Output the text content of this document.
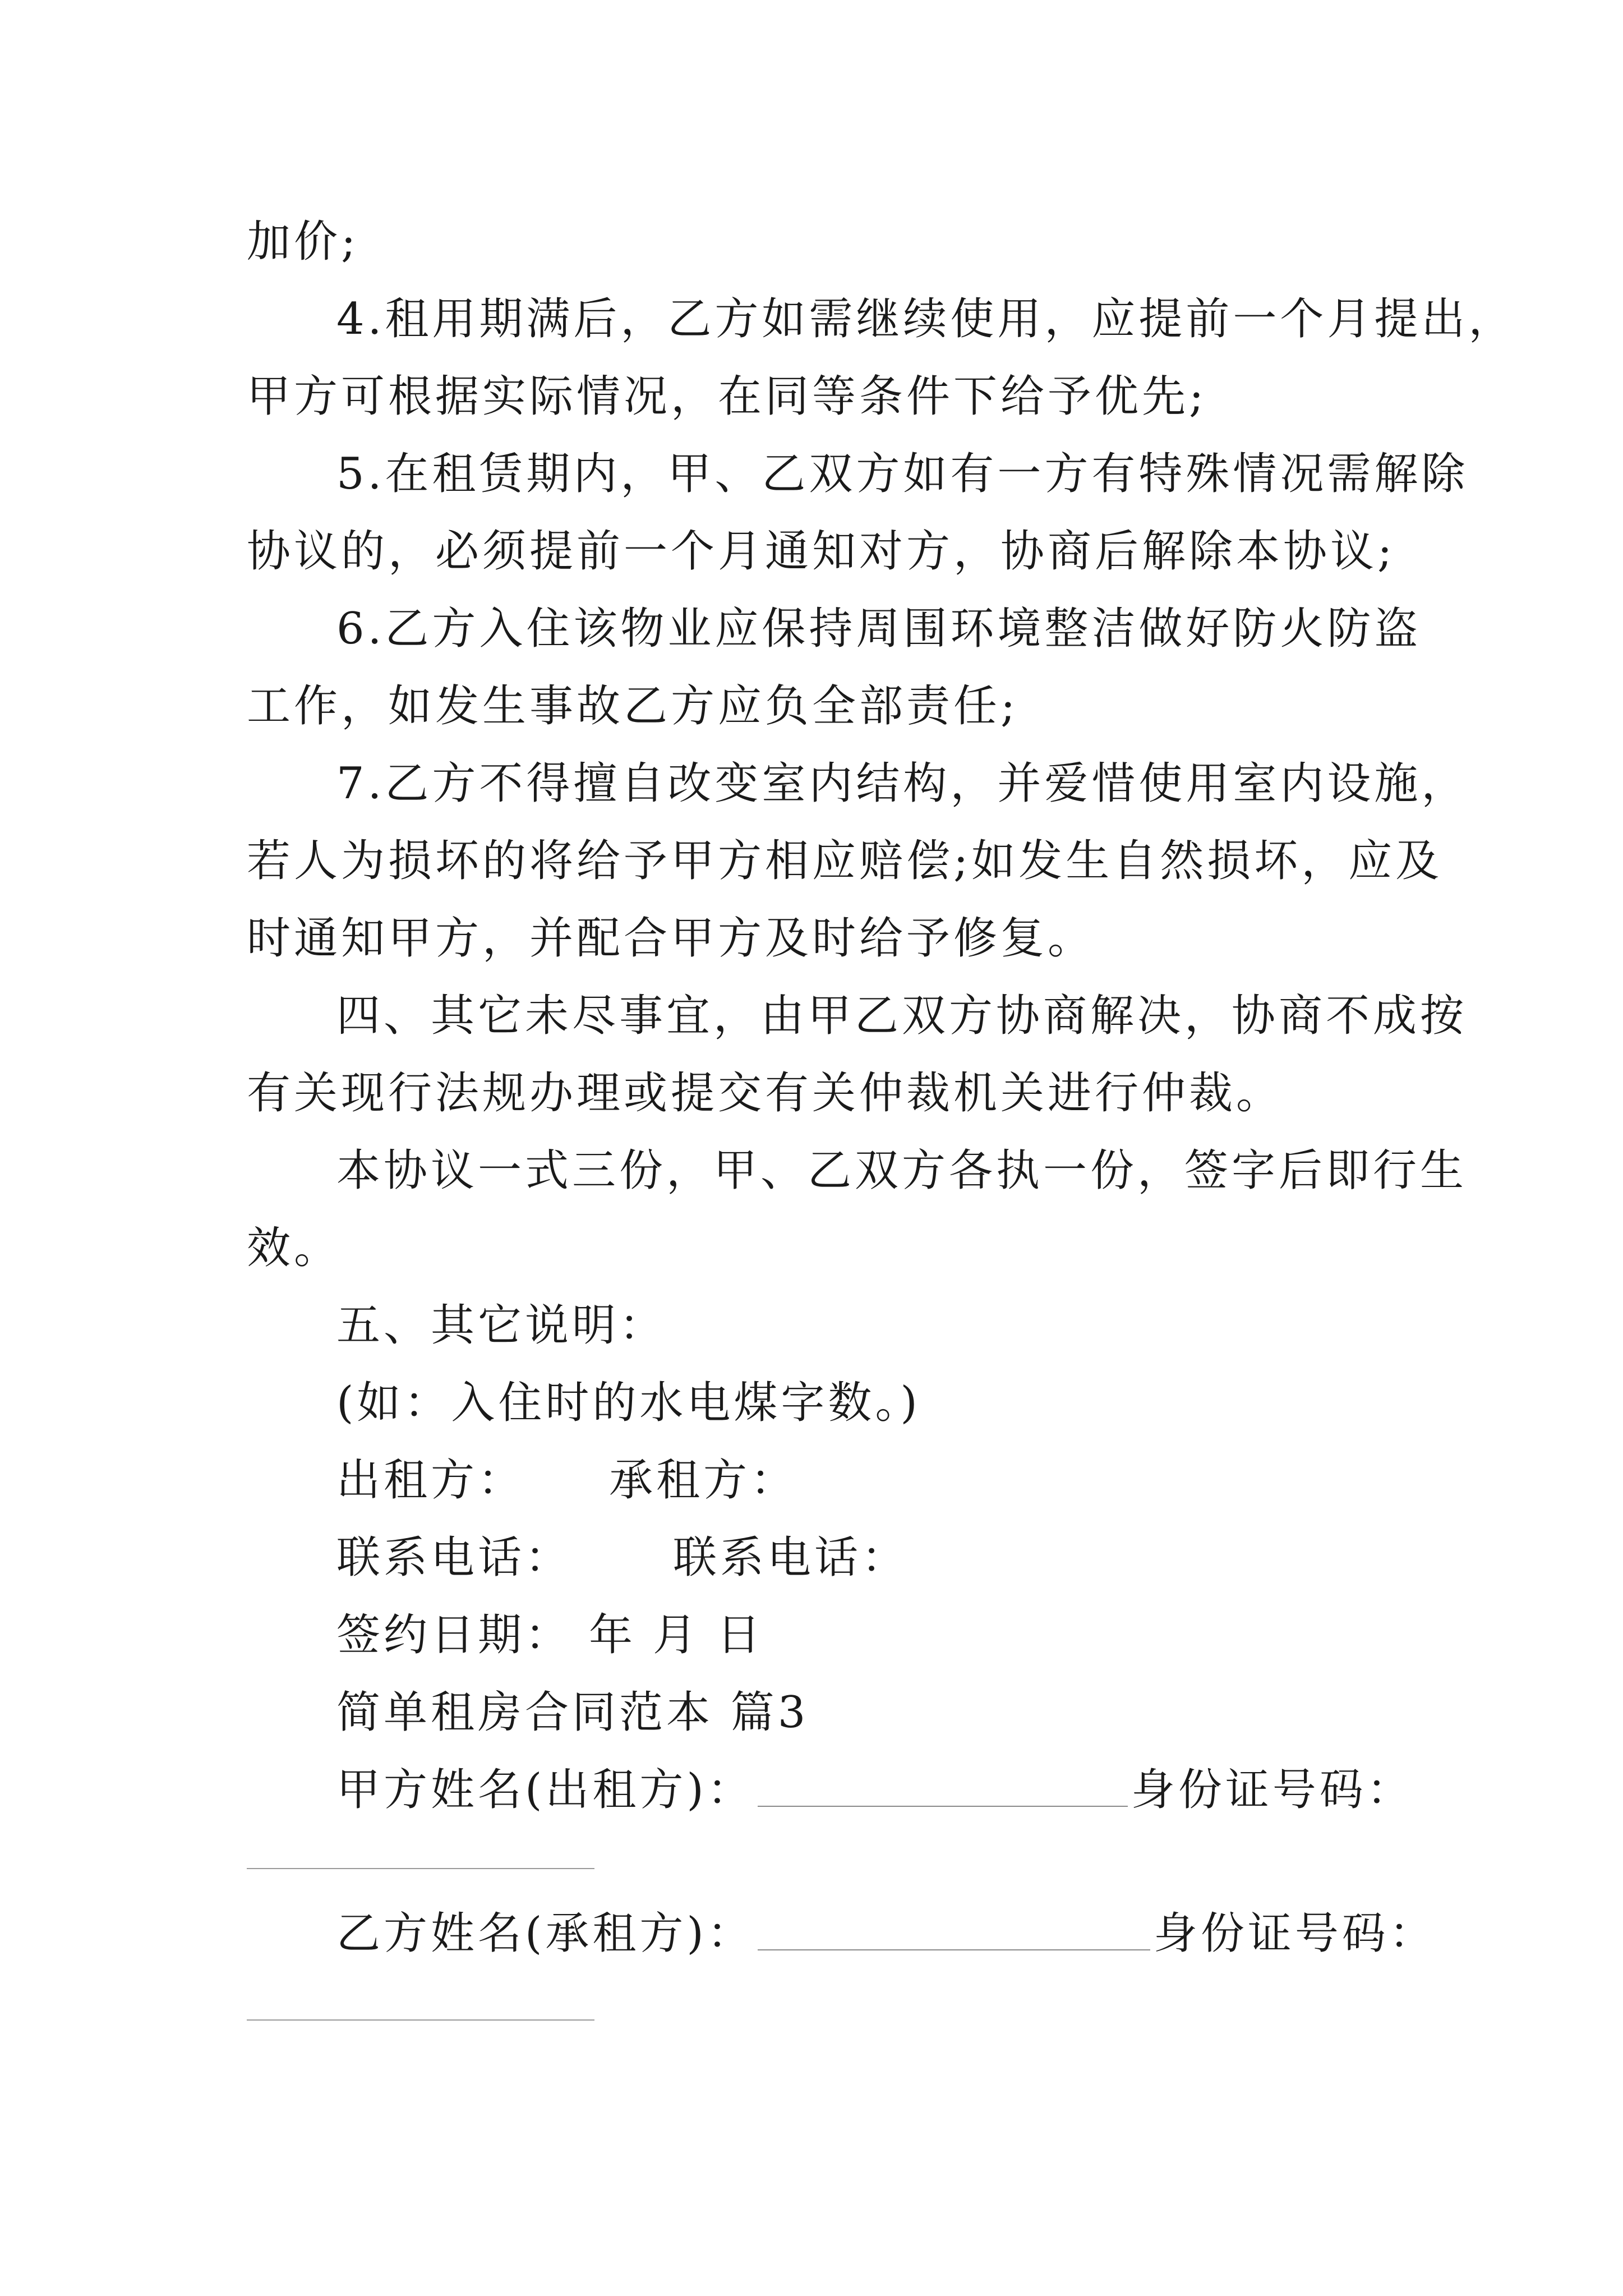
加价;
4.租用期满后，乙方如需继续使用，应提前一个月提出，
甲方可根据实际情况，在同等条件下给予优先;
5.在租赁期内，甲、乙双方如有一方有特殊情况需解除
协议的，必须提前一个月通知对方，协商后解除本协议;
6.乙方入住该物业应保持周围环境整洁做好防火防盗
工作，如发生事故乙方应负全部责任;
7.乙方不得擅自改变室内结构，并爱惜使用室内设施，
若人为损坏的将给予甲方相应赔偿;如发生自然损坏，应及
时通知甲方，并配合甲方及时给予修复。
四、其它未尽事宜，由甲乙双方协商解决，协商不成按
有关现行法规办理或提交有关仲裁机关进行仲裁。
本协议一式三份，甲、乙双方各执一份，签字后即行生
效。
五、其它说明：
(如：入住时的水电煤字数。)
出租方： 承租方：
联系电话： 联系电话：
签约日期： 年 月 日
简单租房合同范本 篇3
甲方姓名(出租方)：	身份证号码：
乙方姓名(承租方)：	身份证号码：
